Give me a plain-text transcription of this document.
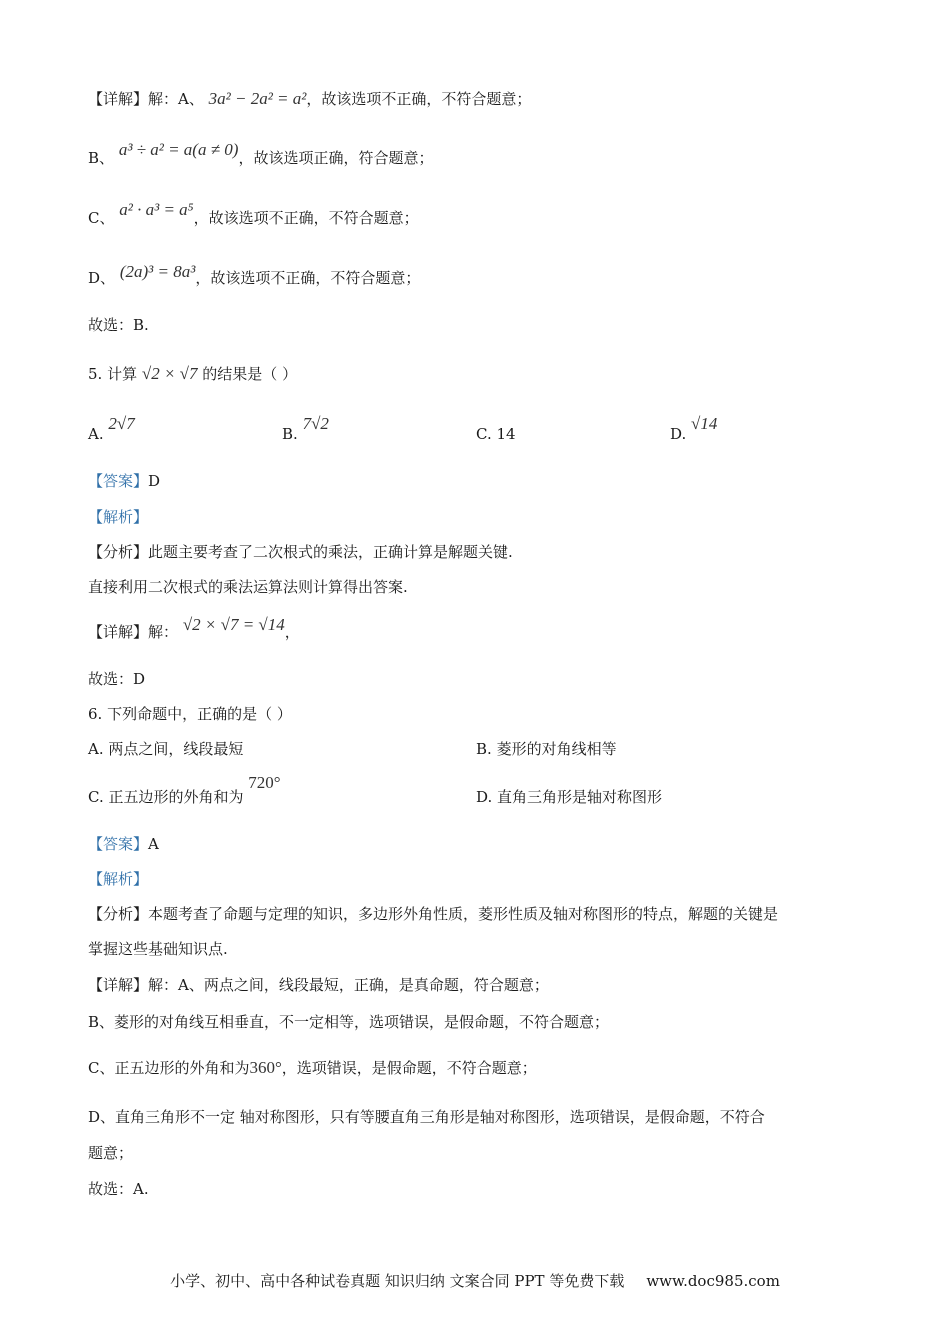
【详解】解：A、 3a² − 2a² = a²，故该选项不正确，不符合题意；
B、 a³ ÷ a² = a(a ≠ 0)，故该选项正确，符合题意；
C、 a² · a³ = a⁵，故该选项不正确，不符合题意；
D、 (2a)³ = 8a³，故该选项不正确，不符合题意；
故选：B.
5. 计算 √2 × √7 的结果是（ ）
A. 2√7
B. 7√2
C. 14	D. √14
【答案】D
【解析】
【分析】此题主要考查了二次根式的乘法，正确计算是解题关键.
直接利用二次根式的乘法运算法则计算得出答案.
【详解】解： √2 × √7 = √14，
故选：D
6. 下列命题中，正确的是（ ）
A. 两点之间，线段最短	B. 菱形的对角线相等
C. 正五边形的外角和为 720°
D. 直角三角形是轴对称图形
【答案】A
【解析】
【分析】本题考查了命题与定理的知识，多边形外角性质，菱形性质及轴对称图形的特点，解题的关键是
掌握这些基础知识点.
【详解】解：A、两点之间，线段最短，正确，是真命题，符合题意；
B、菱形的对角线互相垂直，不一定相等，选项错误，是假命题，不符合题意；
C、正五边形的外角和为360°，选项错误，是假命题，不符合题意；
D、直角三角形不一定 轴对称图形，只有等腰直角三角形是轴对称图形，选项错误，是假命题，不符合
题意；
故选：A.
小学、初中、高中各种试卷真题 知识归纳 文案合同 PPT 等免费下载 www.doc985.com
